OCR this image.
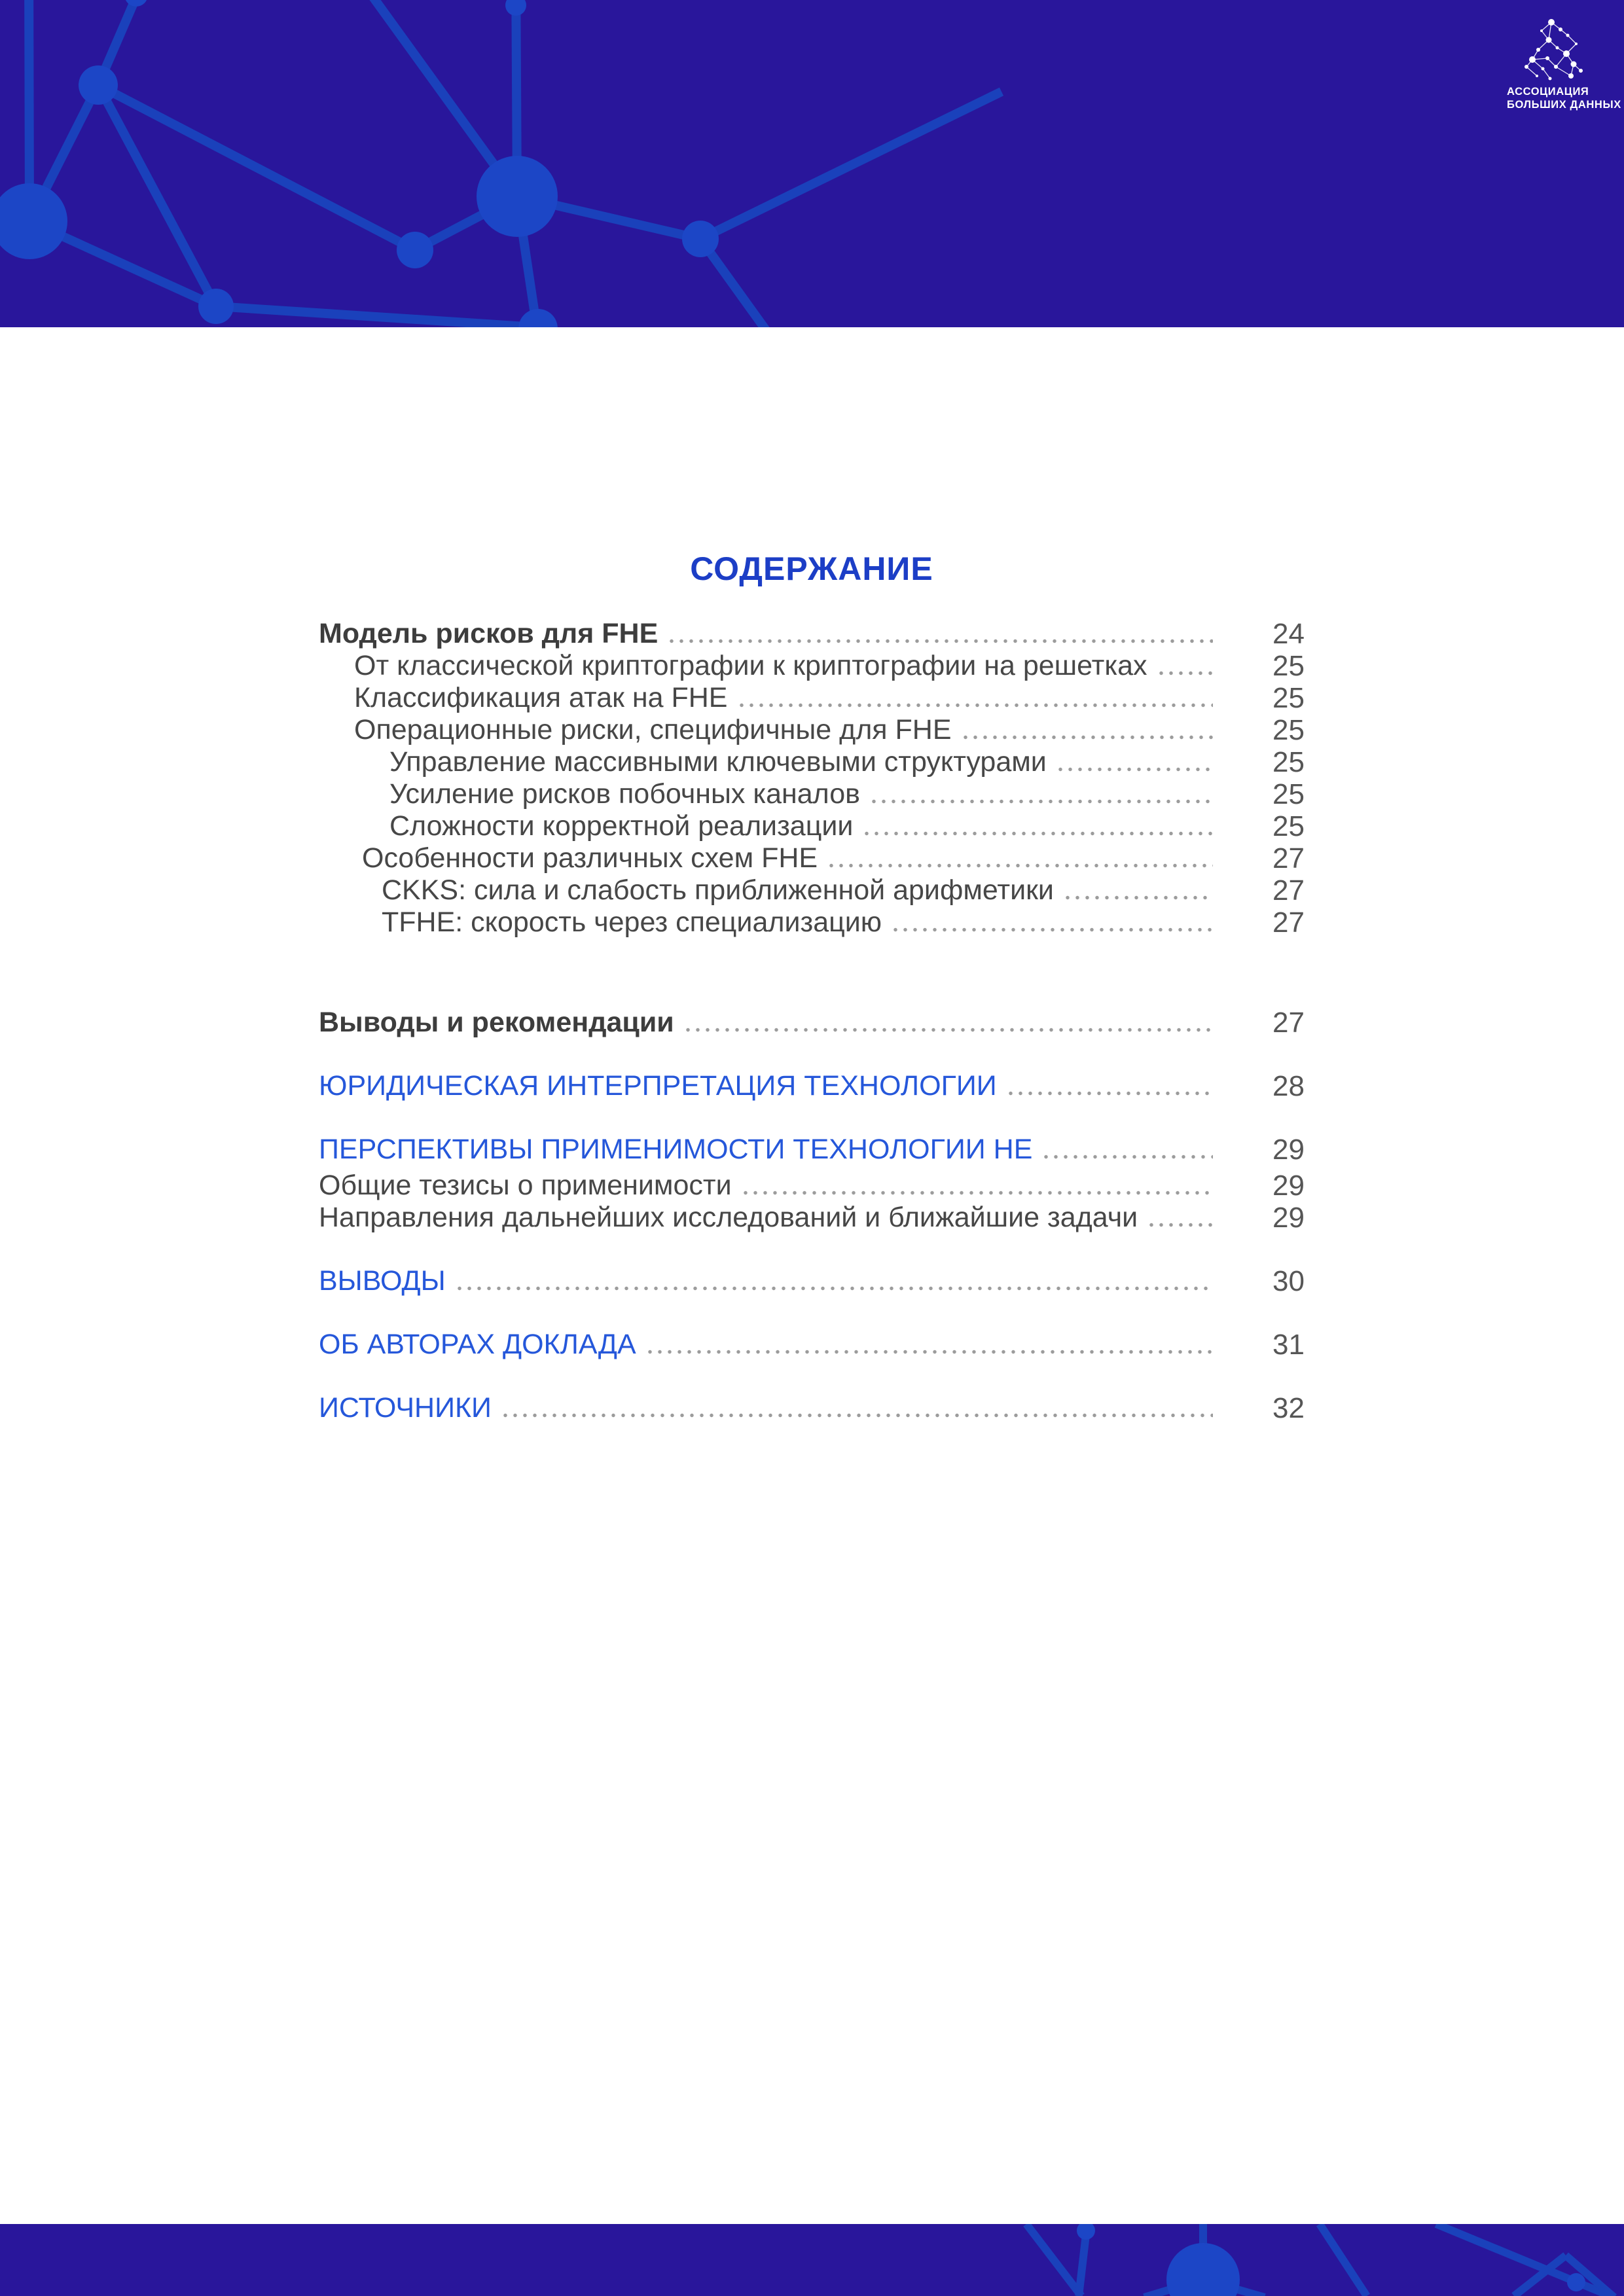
АССОЦИАЦИЯ
БОЛЬШИХ ДАННЫХ
СОДЕРЖАНИЕ
Модель рисков для FHE	24
От классической криптографии к криптографии на решетках	25
Классификация атак на FHE	25
Операционные риски, специфичные для FHE	25
Управление массивными ключевыми структурами	25
Усиление рисков побочных каналов	25
Сложности корректной реализации	25
Особенности различных схем FHE	27
CKKS: сила и слабость приближенной арифметики	27
TFHE: скорость через специализацию	27
Выводы и рекомендации	27
ЮРИДИЧЕСКАЯ ИНТЕРПРЕТАЦИЯ ТЕХНОЛОГИИ	28
ПЕРСПЕКТИВЫ ПРИМЕНИМОСТИ ТЕХНОЛОГИИ HE	29
Общие тезисы о применимости	29
Направления дальнейших исследований и ближайшие задачи	29
ВЫВОДЫ	30
ОБ АВТОРАХ ДОКЛАДА	31
ИСТОЧНИКИ	32
